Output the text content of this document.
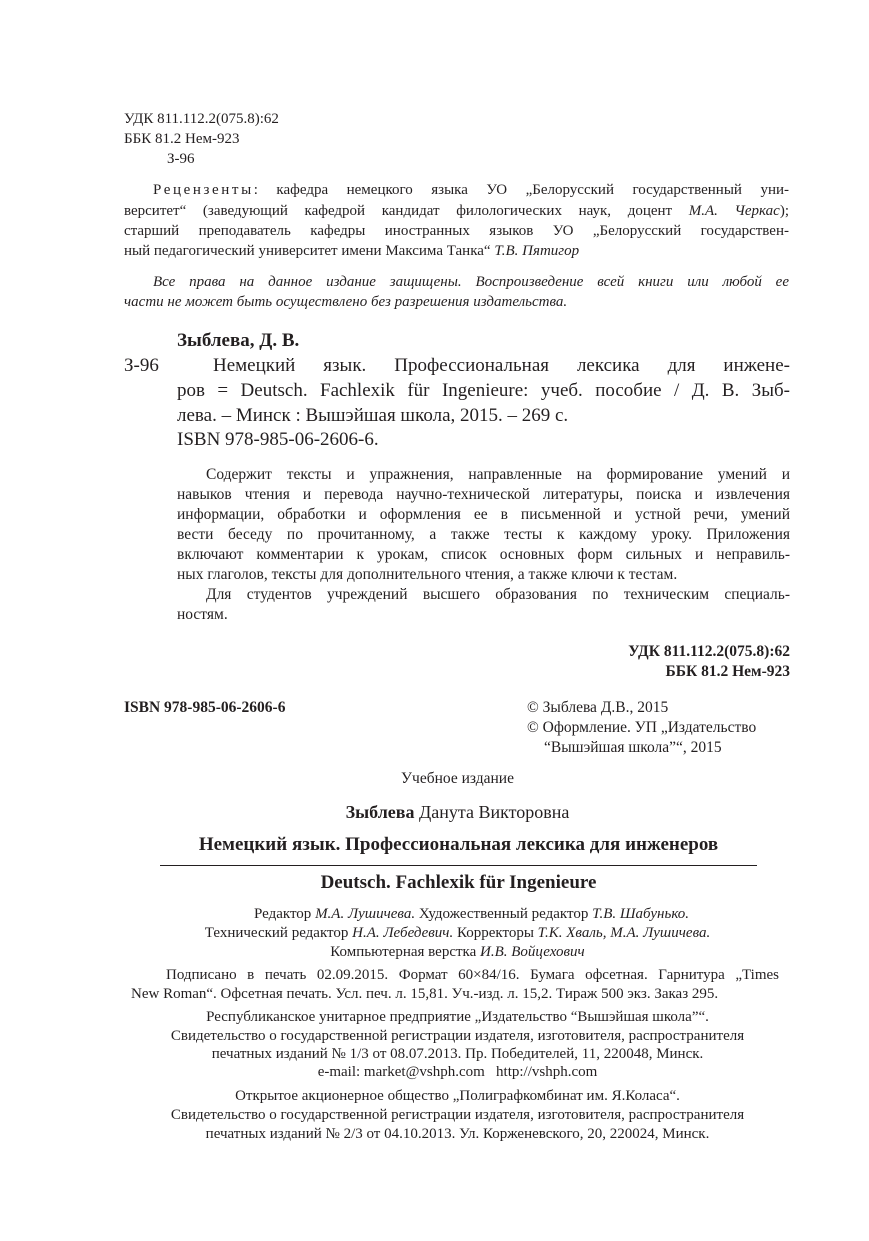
УДК 811.112.2(075.8):62
ББК 81.2 Нем-923
З-96
Рецензенты: кафедра немецкого языка УО „Белорусский государственный уни-
верситет“ (заведующий кафедрой кандидат филологических наук, доцент М.А. Черкас);
старший преподаватель кафедры иностранных языков УО „Белорусский государствен-
ный педагогический университет имени Максима Танка“ Т.В. Пятигор
Все права на данное издание защищены. Воспроизведение всей книги или любой ее
части не может быть осуществлено без разрешения издательства.
Зыблева, Д. В.
З-96	Немецкий язык. Профессиональная лексика для инжене-
ров = Deutsch. Fachlexik für Ingenieure: учеб. пособие / Д. В. Зыб-
лева. – Минск : Вышэйшая школа, 2015. – 269 с.
ISBN 978-985-06-2606-6.
Содержит тексты и упражнения, направленные на формирование умений и
навыков чтения и перевода научно-технической литературы, поиска и извлечения
информации, обработки и оформления ее в письменной и устной речи, умений
вести беседу по прочитанному, а также тесты к каждому уроку. Приложения
включают комментарии к урокам, список основных форм сильных и неправиль-
ных глаголов, тексты для дополнительного чтения, а также ключи к тестам.
Для студентов учреждений высшего образования по техническим специаль-
ностям.
УДК 811.112.2(075.8):62
ББК 81.2 Нем-923
ISBN 978-985-06-2606-6	© Зыблева Д.В., 2015
© Оформление. УП „Издательство
“Вышэйшая школа”“, 2015
Учебное издание
Зыблева Данута Викторовна
Немецкий язык. Профессиональная лексика для инженеров
Deutsch. Fachlexik für Ingenieure
Редактор М.А. Лушичева. Художественный редактор Т.В. Шабунько.
Технический редактор Н.А. Лебедевич. Корректоры Т.К. Хваль, М.А. Лушичева.
Компьютерная верстка И.В. Войцехович
Подписано в печать 02.09.2015. Формат 60×84/16. Бумага офсетная. Гарнитура „Times
New Roman“. Офсетная печать. Усл. печ. л. 15,81. Уч.-изд. л. 15,2. Тираж 500 экз. Заказ 295.
Республиканское унитарное предприятие „Издательство “Вышэйшая школа”“.
Свидетельство о государственной регистрации издателя, изготовителя, распространителя
печатных изданий № 1/3 от 08.07.2013. Пр. Победителей, 11, 220048, Минск.
e-mail: market@vshph.com   http://vshph.com
Открытое акционерное общество „Полиграфкомбинат им. Я.Коласа“.
Свидетельство о государственной регистрации издателя, изготовителя, распространителя
печатных изданий № 2/3 от 04.10.2013. Ул. Корженевского, 20, 220024, Минск.
